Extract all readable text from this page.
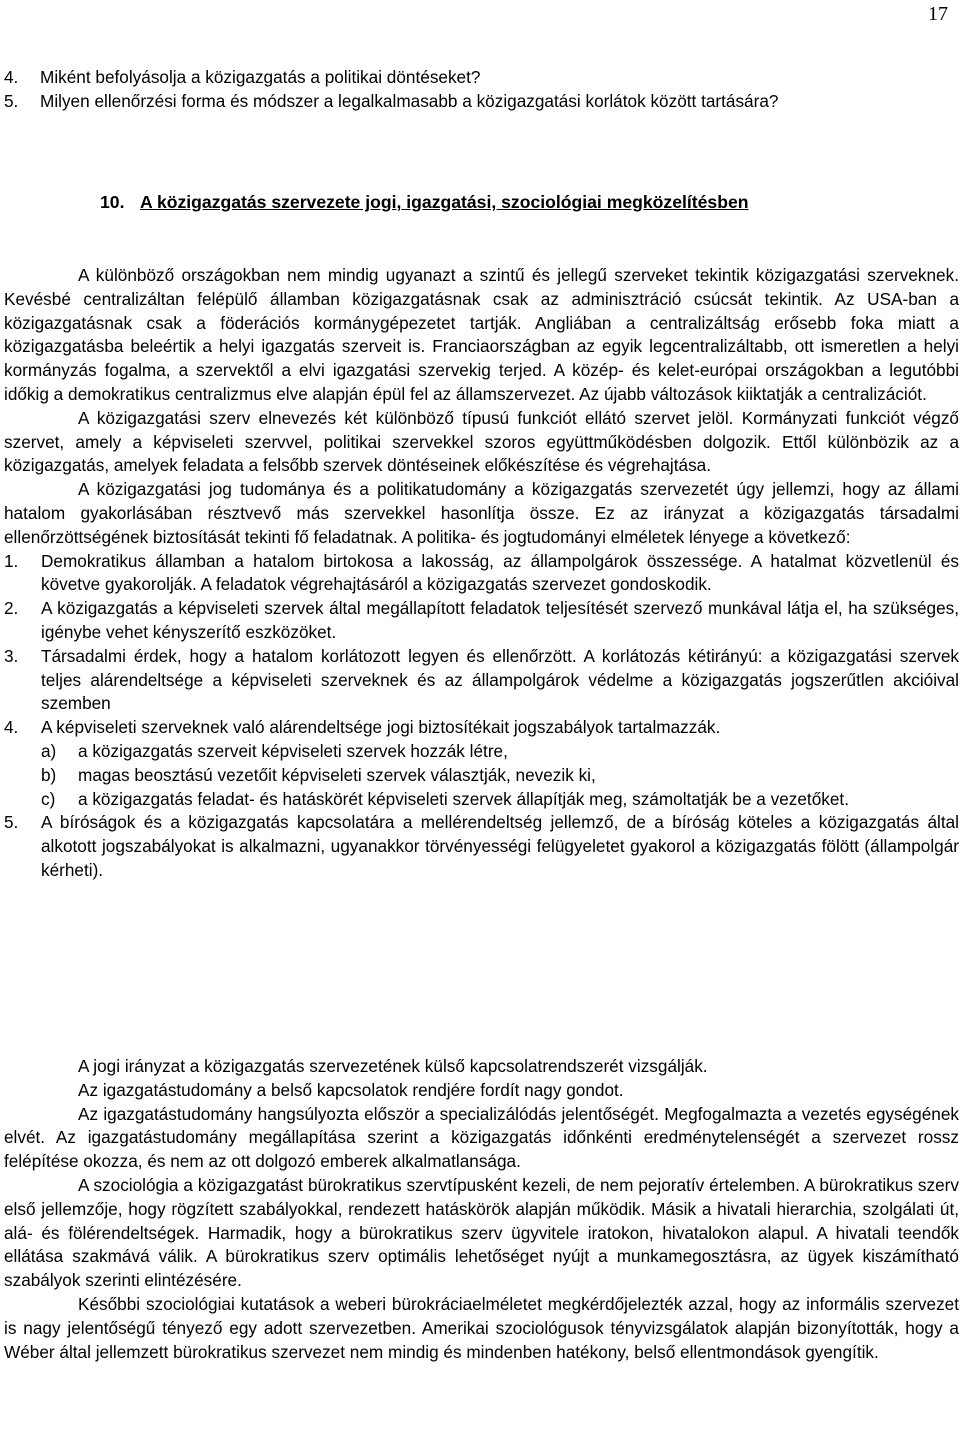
17
4.	Miként befolyásolja a közigazgatás a politikai döntéseket?
5.	Milyen ellenőrzési forma és módszer a legalkalmasabb a közigazgatási korlátok között tartására?
10. A közigazgatás szervezete jogi, igazgatási, szociológiai megközelítésben

A különböző országokban nem mindig ugyanazt a szintű és jellegű szerveket tekintik közigazgatási szerveknek. Kevésbé centralizáltan felépülő államban közigazgatásnak csak az adminisztráció csúcsát tekintik. Az USA-ban a közigazgatásnak csak a föderációs kormánygépezetet tartják. Angliában a centralizáltság erősebb foka miatt a közigazgatásba beleértik a helyi igazgatás szerveit is. Franciaországban az egyik legcentralizáltabb, ott ismeretlen a helyi kormányzás fogalma, a szervektől a elvi igazgatási szervekig terjed. A közép- és kelet-európai országokban a legutóbbi időkig a demokratikus centralizmus elve alapján épül fel az államszervezet. Az újabb változások kiiktatják a centralizációt.

A közigazgatási szerv elnevezés két különböző típusú funkciót ellátó szervet jelöl. Kormányzati funkciót végző szervet, amely a képviseleti szervvel, politikai szervekkel szoros együttműködésben dolgozik. Ettől különbözik az a közigazgatás, amelyek feladata a felsőbb szervek döntéseinek előkészítése és végrehajtása.

A közigazgatási jog tudománya és a politikatudomány a közigazgatás szervezetét úgy jellemzi, hogy az állami hatalom gyakorlásában résztvevő más szervekkel hasonlítja össze. Ez az irányzat a közigazgatás társadalmi ellenőrzöttségének biztosítását tekinti fő feladatnak. A politika- és jogtudományi elméletek lényege a következő:

1.	Demokratikus államban a hatalom birtokosa a lakosság, az állampolgárok összessége. A hatalmat közvetlenül és követve gyakorolják. A feladatok végrehajtásáról a közigazgatás szervezet gondoskodik.
2.	A közigazgatás a képviseleti szervek által megállapított feladatok teljesítését szervező munkával látja el, ha szükséges, igénybe vehet kényszerítő eszközöket.
3.	Társadalmi érdek, hogy a hatalom korlátozott legyen és ellenőrzött. A korlátozás kétirányú: a közigazgatási szervek teljes alárendeltsége a képviseleti szerveknek és az állampolgárok védelme a közigazgatás jogszerűtlen akcióival szemben
4.	A képviseleti szerveknek való alárendeltsége jogi biztosítékait jogszabályok tartalmazzák.
a)	a közigazgatás szerveit képviseleti szervek hozzák létre,
b)	magas beosztású vezetőit képviseleti szervek választják, nevezik ki,
c)	a közigazgatás feladat- és hatáskörét képviseleti szervek állapítják meg, számoltatják be a vezetőket.
5.	A bíróságok és a közigazgatás kapcsolatára a mellérendeltség jellemző, de a bíróság köteles a közigazgatás által alkotott jogszabályokat is alkalmazni, ugyanakkor törvényességi felügyeletet gyakorol a közigazgatás fölött (állampolgár kérheti).

A jogi irányzat a közigazgatás szervezetének külső kapcsolatrendszerét vizsgálják.

Az igazgatástudomány a belső kapcsolatok rendjére fordít nagy gondot.

Az igazgatástudomány hangsúlyozta először a specializálódás jelentőségét. Megfogalmazta a vezetés egységének elvét. Az igazgatástudomány megállapítása szerint a közigazgatás időnkénti eredménytelenségét a szervezet rossz felépítése okozza, és nem az ott dolgozó emberek alkalmatlansága.

A szociológia a közigazgatást bürokratikus szervtípusként kezeli, de nem pejoratív értelemben. A bürokratikus szerv első jellemzője, hogy rögzített szabályokkal, rendezett hatáskörök alapján működik. Másik a hivatali hierarchia, szolgálati út, alá- és fölérendeltségek. Harmadik, hogy a bürokratikus szerv ügyvitele iratokon, hivatalokon alapul. A hivatali teendők ellátása szakmává válik. A bürokratikus szerv optimális lehetőséget nyújt a munkamegosztásra, az ügyek kiszámítható szabályok szerinti elintézésére.

Későbbi szociológiai kutatások a weberi bürokráciaelméletet megkérdőjelezték azzal, hogy az informális szervezet is nagy jelentőségű tényező egy adott szervezetben. Amerikai szociológusok tényvizsgálatok alapján bizonyították, hogy a Wéber által jellemzett bürokratikus szervezet nem mindig és mindenben hatékony, belső ellentmondások gyengítik.
